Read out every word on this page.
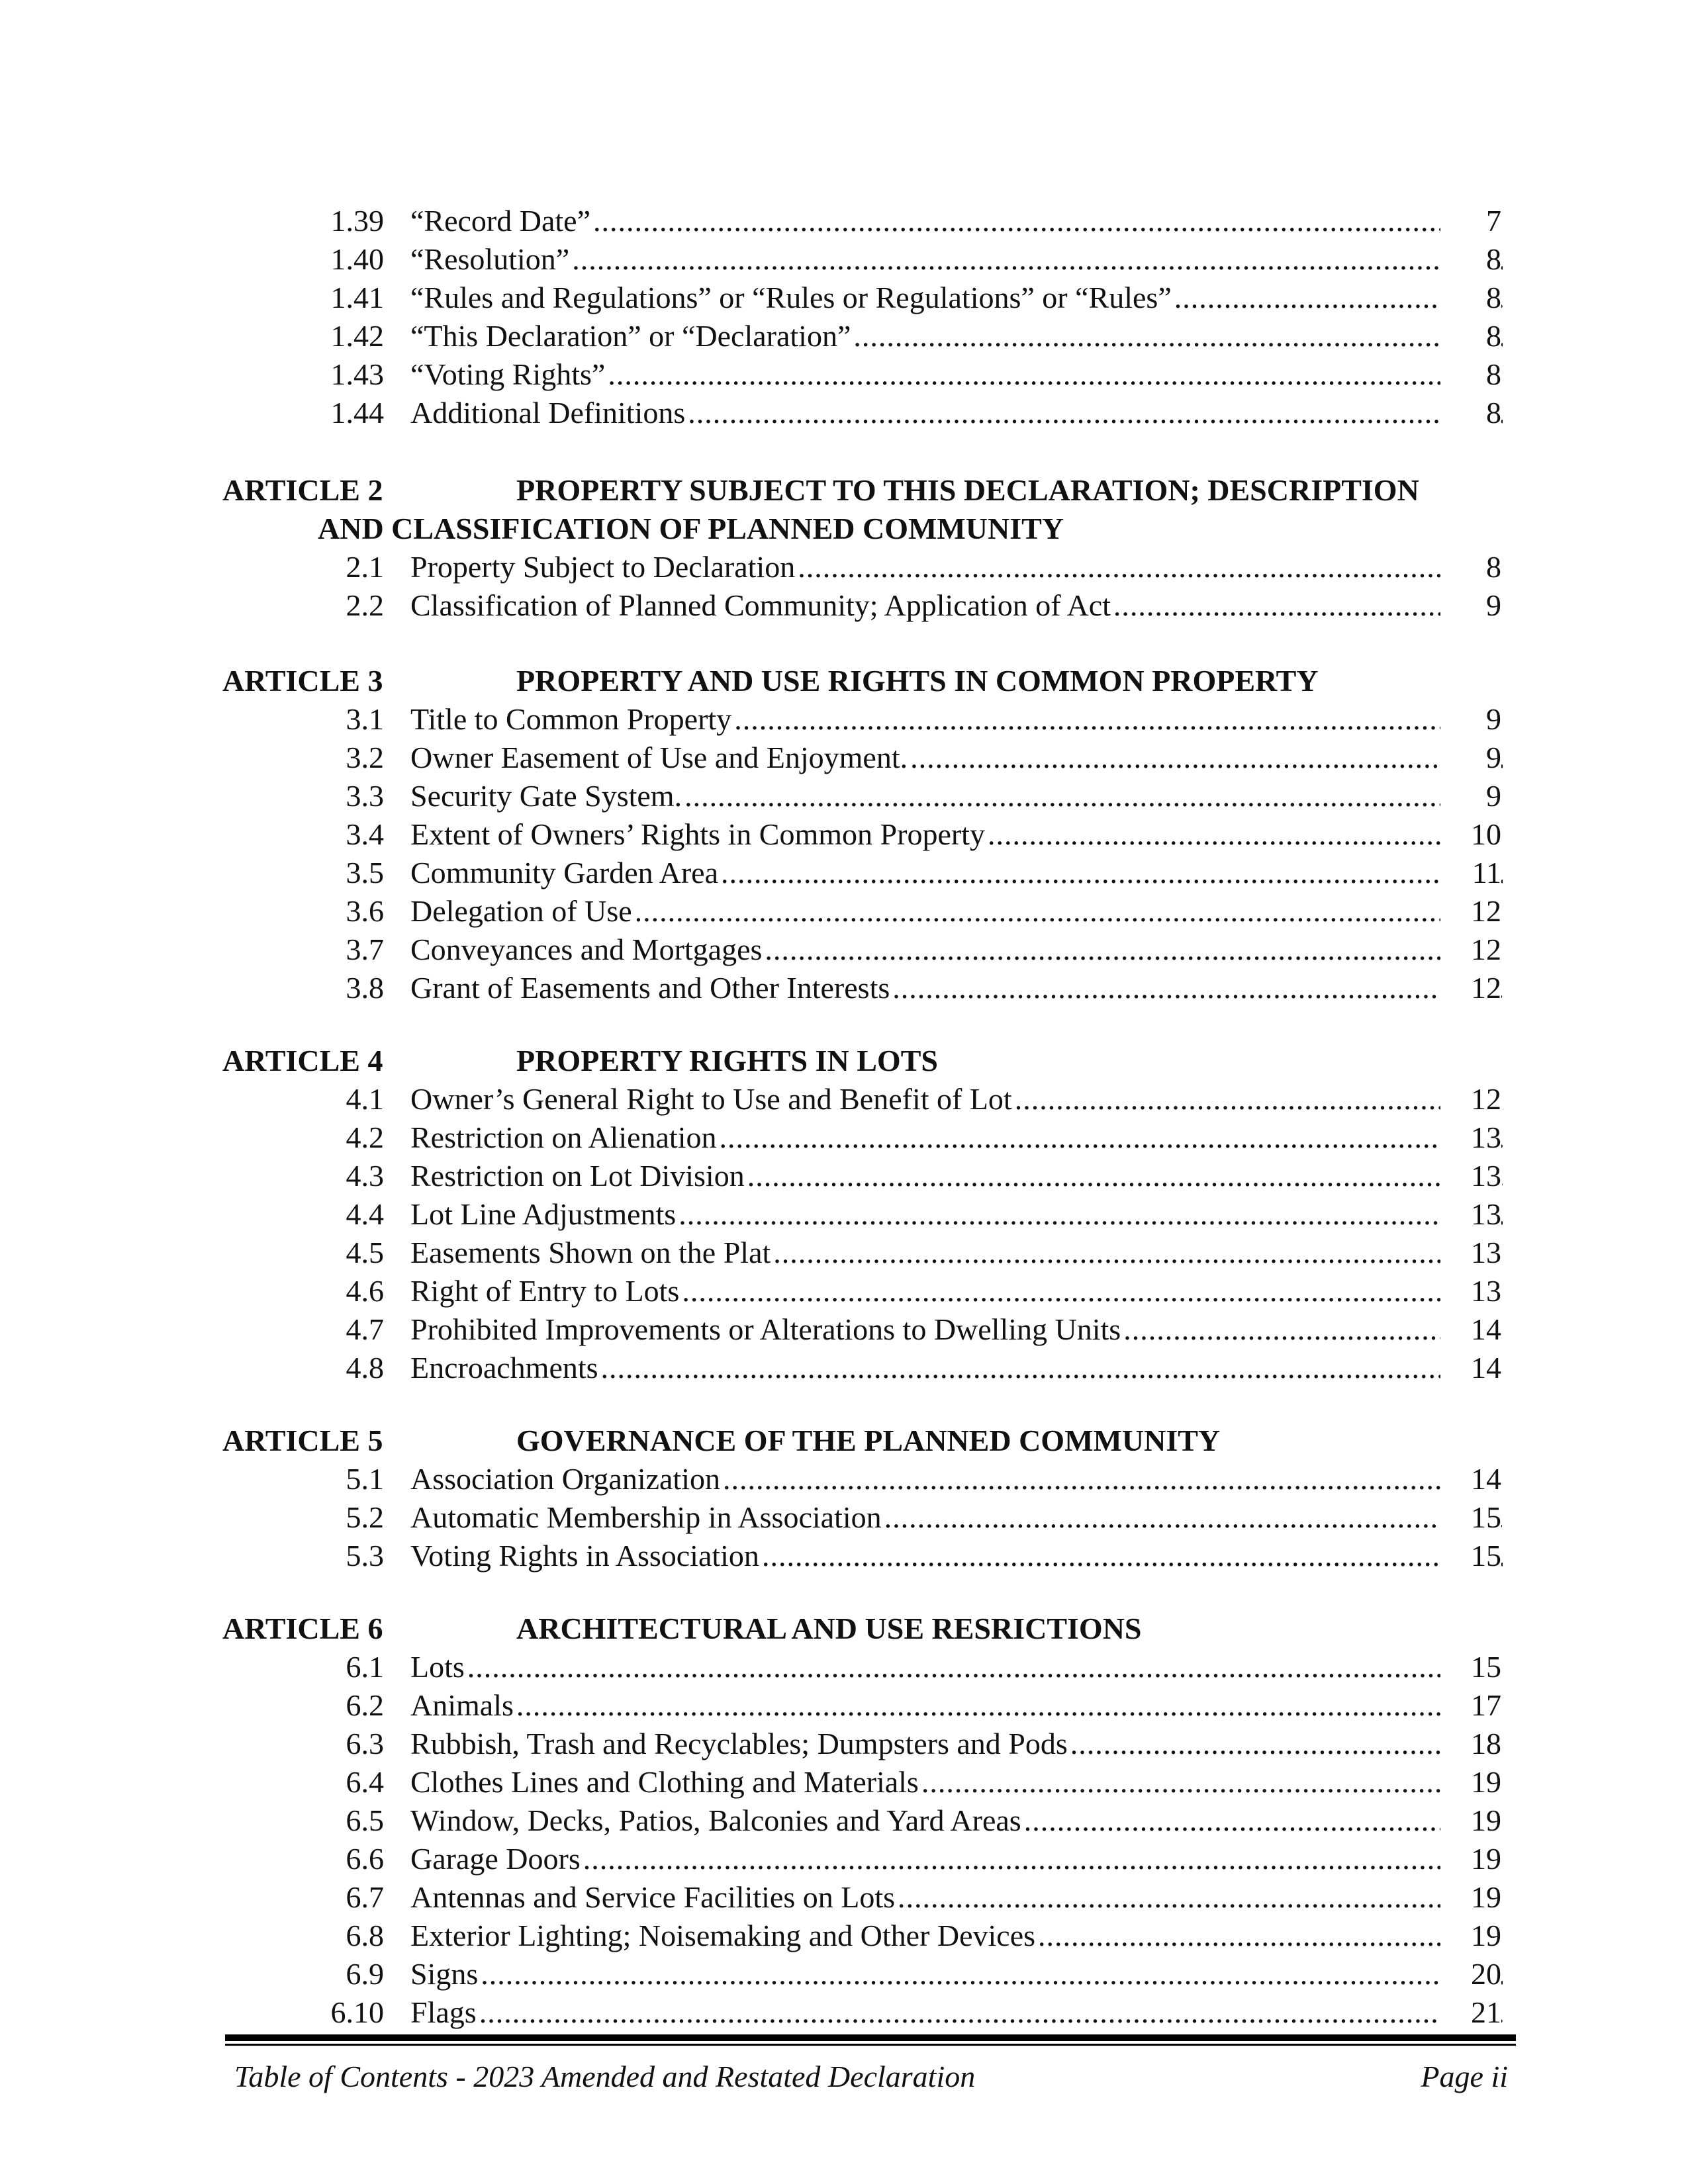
1.39 “Record Date” .....	7
1.40 “Resolution” .....	8
1.41 “Rules and Regulations” or “Rules or Regulations” or “Rules” .....	8
1.42 “This Declaration” or “Declaration” .....	8
1.43 “Voting Rights” .....	8
1.44 Additional Definitions .....	8
ARTICLE 2	PROPERTY SUBJECT TO THIS DECLARATION; DESCRIPTION
AND CLASSIFICATION OF PLANNED COMMUNITY
2.1 Property Subject to Declaration .....	8
2.2 Classification of Planned Community; Application of Act .....	9
ARTICLE 3	PROPERTY AND USE RIGHTS IN COMMON PROPERTY
3.1 Title to Common Property .....	9
3.2 Owner Easement of Use and Enjoyment. .....	9
3.3 Security Gate System. .....	9
3.4 Extent of Owners’ Rights in Common Property .....	10
3.5 Community Garden Area .....	11
3.6 Delegation of Use .....	12
3.7 Conveyances and Mortgages .....	12
3.8 Grant of Easements and Other Interests .....	12
ARTICLE 4	PROPERTY RIGHTS IN LOTS
4.1 Owner’s General Right to Use and Benefit of Lot .....	12
4.2 Restriction on Alienation .....	13
4.3 Restriction on Lot Division .....	13
4.4 Lot Line Adjustments .....	13
4.5 Easements Shown on the Plat .....	13
4.6 Right of Entry to Lots .....	13
4.7 Prohibited Improvements or Alterations to Dwelling Units .....	14
4.8 Encroachments .....	14
ARTICLE 5	GOVERNANCE OF THE PLANNED COMMUNITY
5.1 Association Organization .....	14
5.2 Automatic Membership in Association .....	15
5.3 Voting Rights in Association .....	15
ARTICLE 6	ARCHITECTURAL AND USE RESRICTIONS
6.1 Lots .....	15
6.2 Animals .....	17
6.3 Rubbish, Trash and Recyclables; Dumpsters and Pods .....	18
6.4 Clothes Lines and Clothing and Materials .....	19
6.5 Window, Decks, Patios, Balconies and Yard Areas .....	19
6.6 Garage Doors .....	19
6.7 Antennas and Service Facilities on Lots .....	19
6.8 Exterior Lighting; Noisemaking and Other Devices .....	19
6.9 Signs .....	20
6.10 Flags .....	21
Table of Contents - 2023 Amended and Restated Declaration	Page ii
